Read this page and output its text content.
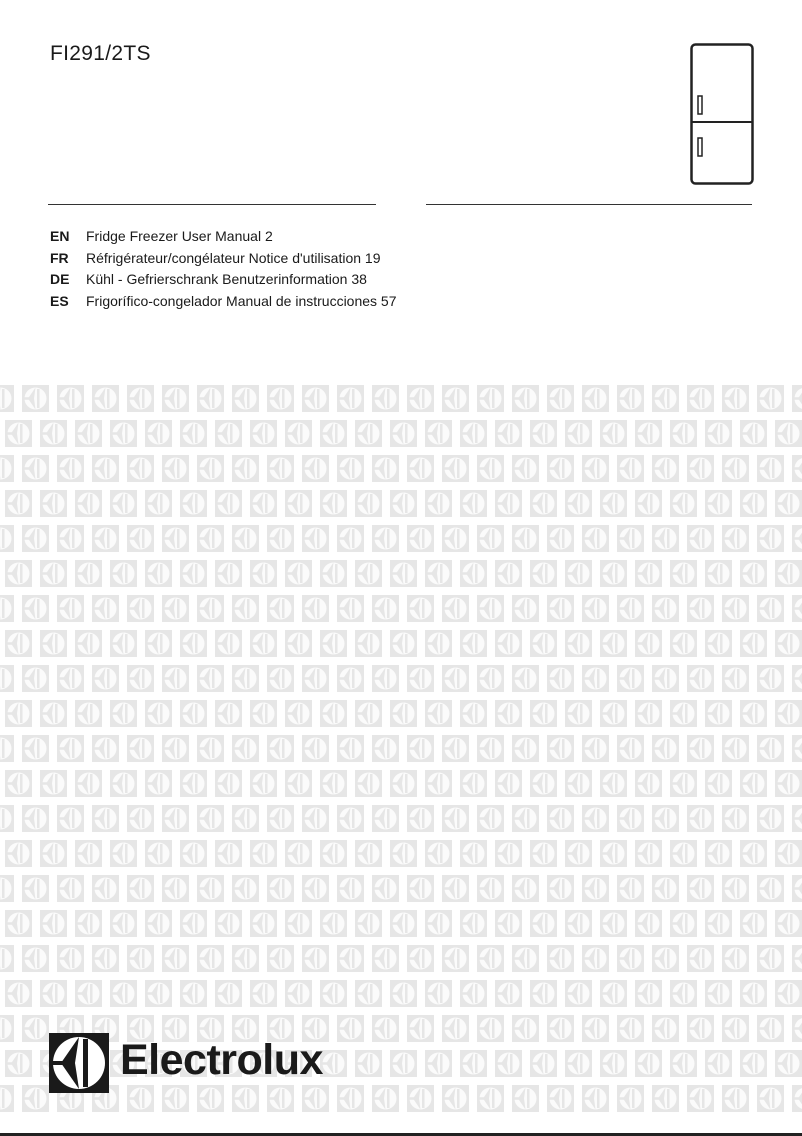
FI291/2TS
EN Fridge Freezer User Manual 2
FR Réfrigérateur/congélateur Notice d'utilisation 19
DE Kühl - Gefrierschrank Benutzerinformation 38
ES Frigorífico-congelador Manual de instrucciones 57
Electrolux
